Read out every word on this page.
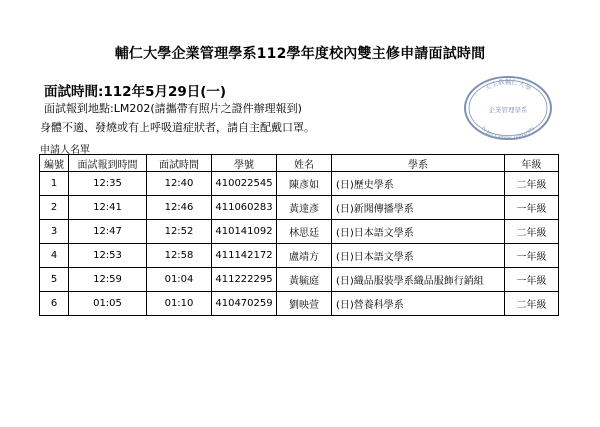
輔仁大學企業管理學系112學年度校內雙主修申請面試時間
面試時間:112年5月29日(一)
面試報到地點:LM202(請攜帶有照片之證件辦理報到)
身體不適、發燒或有上呼吸道症狀者，請自主配戴口罩。
申請人名單
天主教輔仁大學
企業管理學系
Fu Jen Catholic University
編號	面試報到時間	面試時間	學號	姓名	學系	年級
1	12:35	12:40	410022545	陳彥如	(日)歷史學系	二年級
2	12:41	12:46	411060283	黃達彥	(日)新聞傳播學系	一年級
3	12:47	12:52	410141092	林思廷	(日)日本語文學系	二年級
4	12:53	12:58	411142172	盧靖方	(日)日本語文學系	一年級
5	12:59	01:04	411222295	黃毓庭	(日)織品服裝學系織品服飾行銷組	一年級
6	01:05	01:10	410470259	劉映萱	(日)營養科學系	二年級
